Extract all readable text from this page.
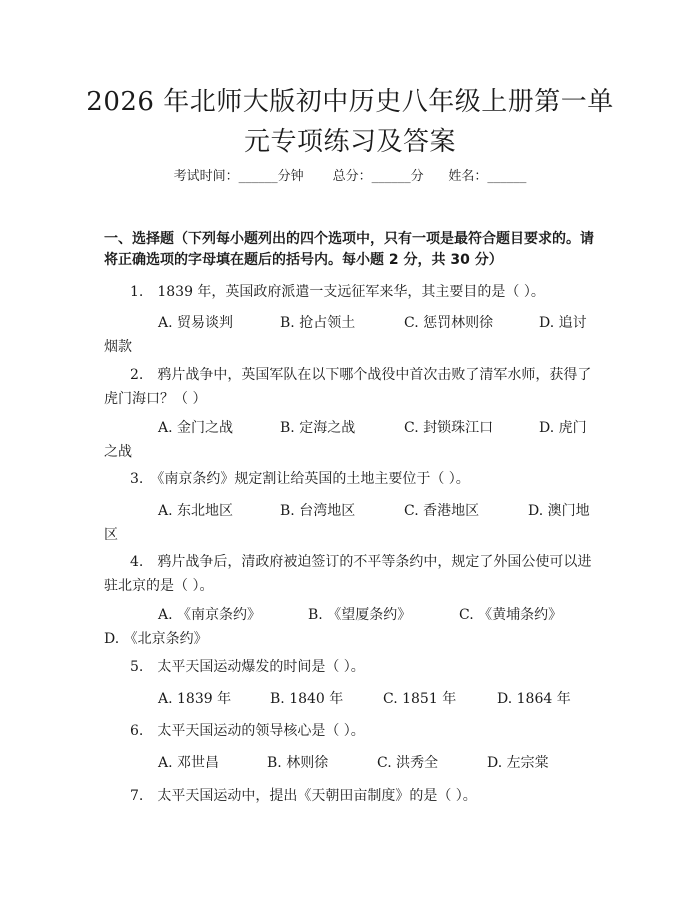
2026 年北师大版初中历史八年级上册第一单
元专项练习及答案
考试时间：______分钟 总分：______分 姓名：______
一、选择题（下列每小题列出的四个选项中，只有一项是最符合题目要求的。请将正确选项的字母填在题后的括号内。每小题 2 分，共 30 分）
1.　1839 年，英国政府派遣一支远征军来华，其主要目的是（ ）。
A. 贸易谈判	B. 抢占领土	C. 惩罚林则徐	D. 追讨
烟款
2.　鸦片战争中，英国军队在以下哪个战役中首次击败了清军水师，获得了虎门海口？（ ）
A. 金门之战	B. 定海之战	C. 封锁珠江口	D. 虎门
之战
3.　《南京条约》规定割让给英国的土地主要位于（ ）。
A. 东北地区	B. 台湾地区	C. 香港地区	D. 澳门地
区
4.　鸦片战争后，清政府被迫签订的不平等条约中，规定了外国公使可以进驻北京的是（ ）。
A. 《南京条约》	B. 《望厦条约》	C. 《黄埔条约》
D. 《北京条约》
5.　太平天国运动爆发的时间是（ ）。
A. 1839 年	B. 1840 年	C. 1851 年	D. 1864 年
6.　太平天国运动的领导核心是（ ）。
A. 邓世昌	B. 林则徐	C. 洪秀全	D. 左宗棠
7.　太平天国运动中，提出《天朝田亩制度》的是（ ）。
